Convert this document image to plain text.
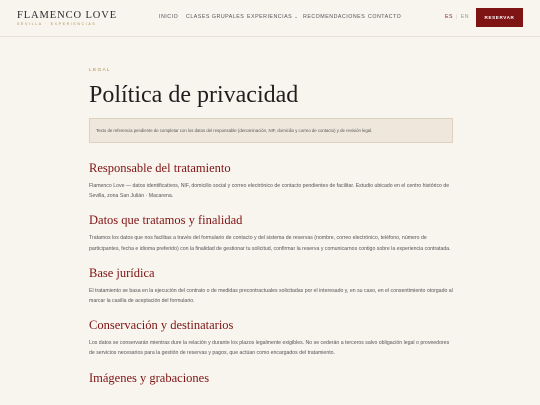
FLAMENCO LOVE
SEVILLA · EXPERIENCIAS
INICIO	CLASES GRUPALES EXPERIENCIAS ⌄ RECOMENDACIONES CONTACTO	ES | EN	RESERVAR
LEGAL
Política de privacidad
Texto de referencia pendiente de completar con los datos del responsable (denominación, NIF, domicilio y correo de contacto) y de revisión legal.
Responsable del tratamiento

Flamenco Love — datos identificativos, NIF, domicilio social y correo electrónico de contacto pendientes de facilitar. Estudio ubicado en el centro histórico de Sevilla, zona San Julián · Macarena.

Datos que tratamos y finalidad

Tratamos los datos que nos facilitas a través del formulario de contacto y del sistema de reservas (nombre, correo electrónico, teléfono, número de participantes, fecha e idioma preferido) con la finalidad de gestionar tu solicitud, confirmar la reserva y comunicarnos contigo sobre la experiencia contratada.

Base jurídica

El tratamiento se basa en la ejecución del contrato o de medidas precontractuales solicitadas por el interesado y, en su caso, en el consentimiento otorgado al marcar la casilla de aceptación del formulario.

Conservación y destinatarios

Los datos se conservarán mientras dure la relación y durante los plazos legalmente exigibles. No se cederán a terceros salvo obligación legal o proveedores de servicios necesarios para la gestión de reservas y pagos, que actúan como encargados del tratamiento.

Imágenes y grabaciones
